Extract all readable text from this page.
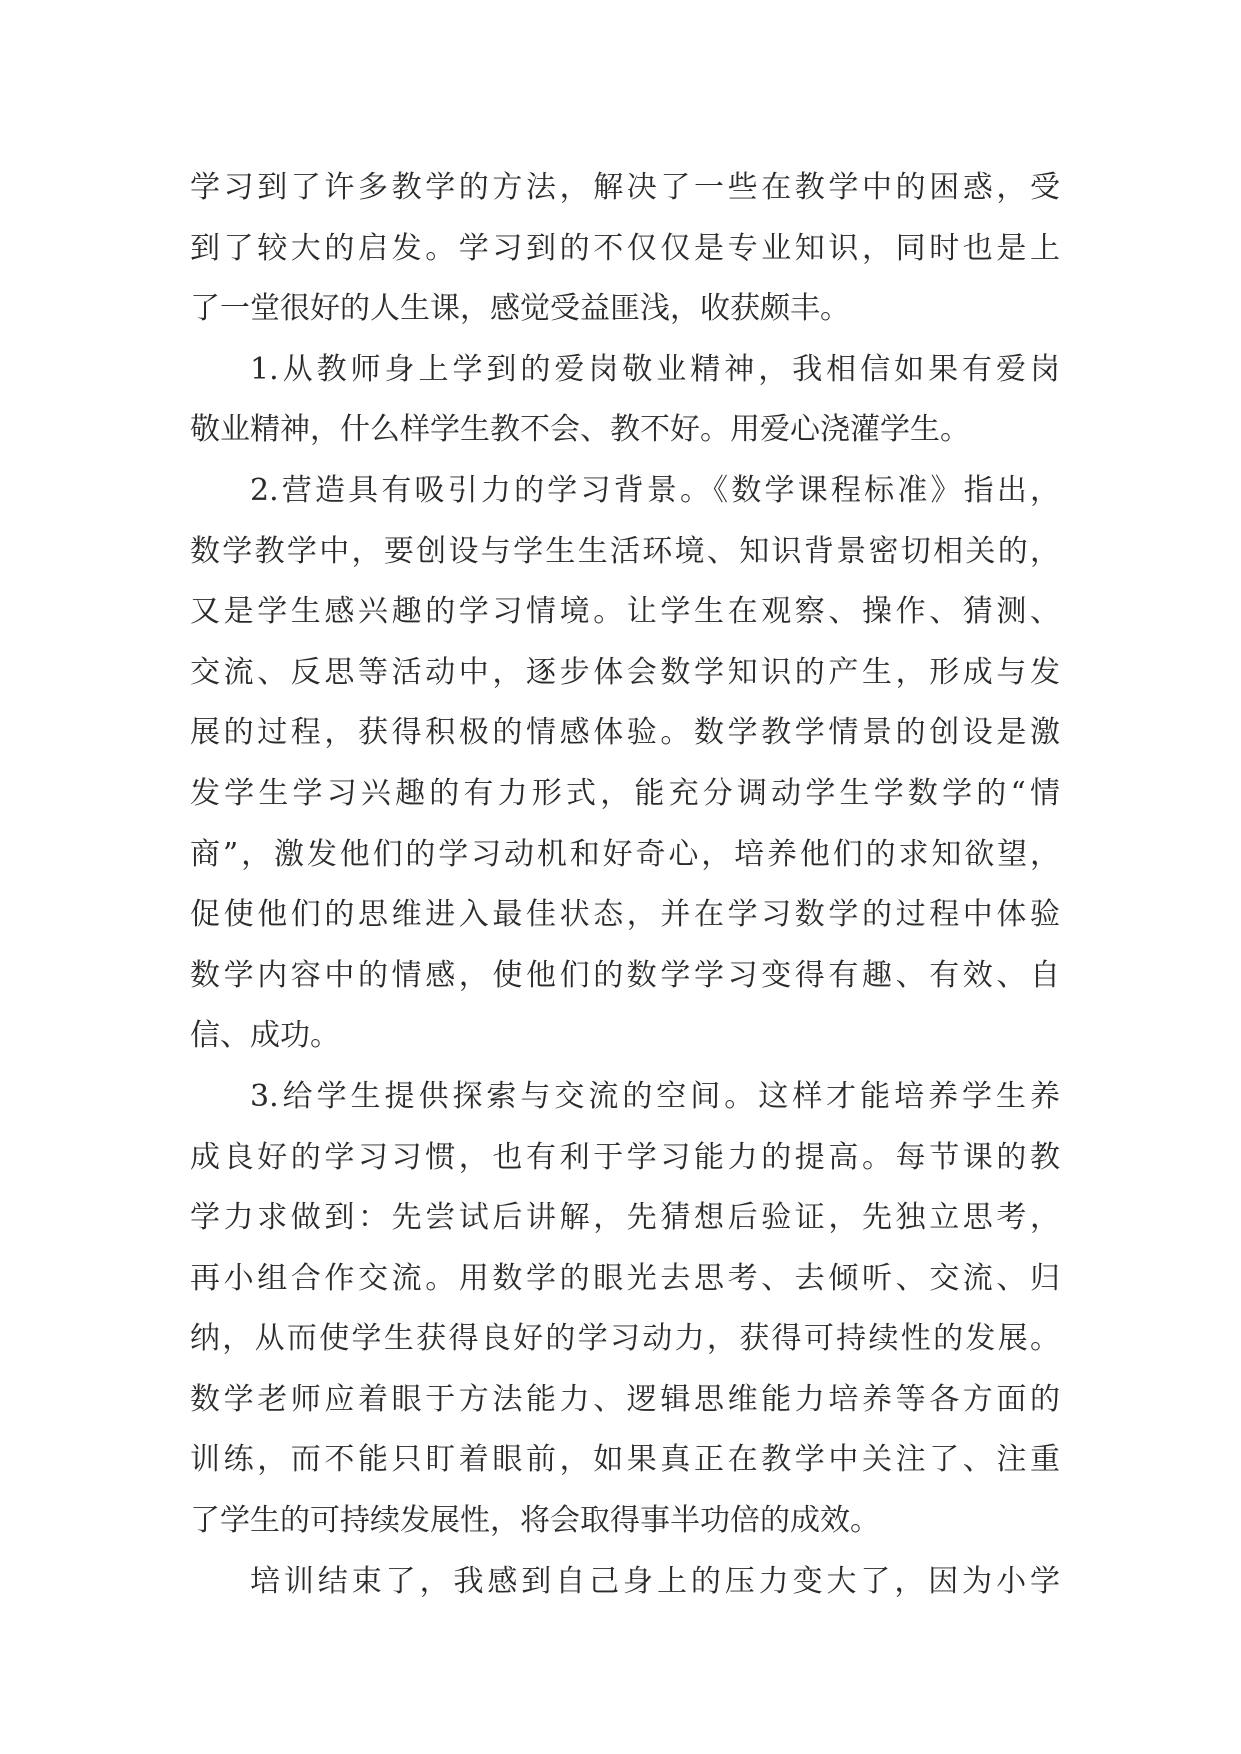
学习到了许多教学的方法，解决了一些在教学中的困惑，受
到了较大的启发。学习到的不仅仅是专业知识，同时也是上
了一堂很好的人生课，感觉受益匪浅，收获颇丰。
1.从教师身上学到的爱岗敬业精神，我相信如果有爱岗
敬业精神，什么样学生教不会、教不好。用爱心浇灌学生。
2.营造具有吸引力的学习背景。《数学课程标准》指出，
数学教学中，要创设与学生生活环境、知识背景密切相关的，
又是学生感兴趣的学习情境。让学生在观察、操作、猜测、
交流、反思等活动中，逐步体会数学知识的产生，形成与发
展的过程，获得积极的情感体验。数学教学情景的创设是激
发学生学习兴趣的有力形式，能充分调动学生学数学的“情
商”，激发他们的学习动机和好奇心，培养他们的求知欲望，
促使他们的思维进入最佳状态，并在学习数学的过程中体验
数学内容中的情感，使他们的数学学习变得有趣、有效、自
信、成功。
3.给学生提供探索与交流的空间。这样才能培养学生养
成良好的学习习惯，也有利于学习能力的提高。每节课的教
学力求做到：先尝试后讲解，先猜想后验证，先独立思考，
再小组合作交流。用数学的眼光去思考、去倾听、交流、归
纳，从而使学生获得良好的学习动力，获得可持续性的发展。
数学老师应着眼于方法能力、逻辑思维能力培养等各方面的
训练，而不能只盯着眼前，如果真正在教学中关注了、注重
了学生的可持续发展性，将会取得事半功倍的成效。
培训结束了，我感到自己身上的压力变大了，因为小学
